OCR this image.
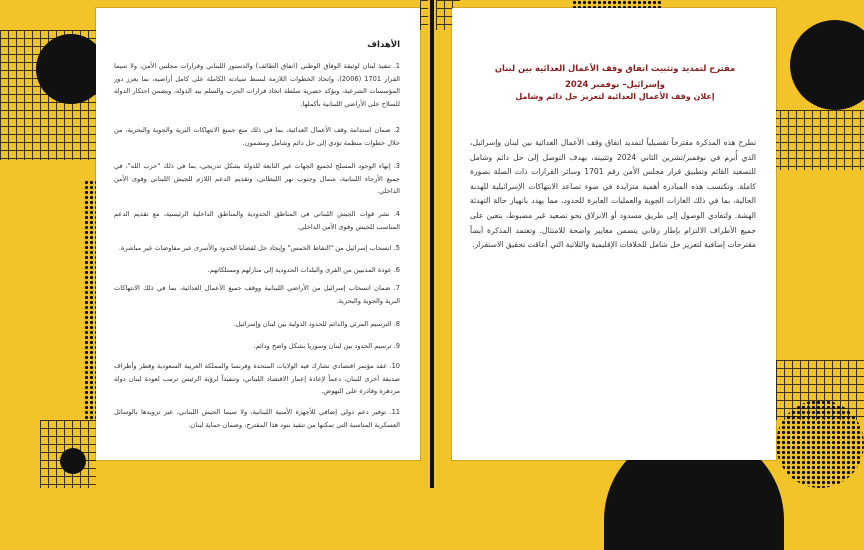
الأهداف
1. تنفيذ لبنان لوثيقة الوفاق الوطني (اتفاق الطائف) والدستور اللبناني وقرارات مجلس الأمن، ولا سيما القرار 1701 (2006)، واتخاذ الخطوات اللازمة لبسط سيادته الكاملة على كامل أراضيه، بما يعزز دور المؤسسات الشرعية، ويؤكد حصرية سلطة اتخاذ قرارات الحرب والسلم بيد الدولة، ويضمن احتكار الدولة للسلاح على الأراضي اللبنانية بأكملها.
2. ضمان استدامة وقف الأعمال العدائية، بما في ذلك منع جميع الانتهاكات البرية والجوية والبحرية، من خلال خطوات منظمة تؤدي إلى حل دائم وشامل ومضمون.
3. إنهاء الوجود المسلح لجميع الجهات غير التابعة للدولة بشكل تدريجي، بما في ذلك "حزب الله"، في جميع الأرجاء اللبنانية، شمال وجنوب نهر الليطاني، وتقديم الدعم اللازم للجيش اللبناني وقوى الأمن الداخلي.
4. نشر قوات الجيش اللبناني في المناطق الحدودية والمناطق الداخلية الرئيسية، مع تقديم الدعم المناسب للجيش وقوى الأمن الداخلي.
5. انسحاب إسرائيل من "النقاط الخمس" وإيجاد حل لقضايا الحدود والأسرى عبر مفاوضات غير مباشرة.
6. عودة المدنيين من القرى والبلدات الحدودية إلى منازلهم وممتلكاتهم.
7. ضمان انسحاب إسرائيل من الأراضي اللبنانية ووقف جميع الأعمال العدائية، بما في ذلك الانتهاكات البرية والجوية والبحرية.
8. الترسيم المرئي والدائم للحدود الدولية بين لبنان وإسرائيل.
9. ترسيم الحدود بين لبنان وسوريا بشكل واضح ودائم.
10. عقد مؤتمر اقتصادي تشارك فيه الولايات المتحدة وفرنسا والمملكة العربية السعودية وقطر وأطراف صديقة أخرى للبنان، دعماً لإعادة إعمار الاقتصاد اللبناني، وتنفيذاً لرؤية الرئيس ترمب لعودة لبنان دولة مزدهرة وقادرة على النهوض.
11. توفير دعم دولي إضافي للأجهزة الأمنية اللبنانية، ولا سيما الجيش اللبناني، عبر تزويدها بالوسائل العسكرية المناسبة التي تمكنها من تنفيذ بنود هذا المقترح، وضمان حماية لبنان.
مقترح لتمديد وتثبيت اتفاق وقف الأعمال العدائية بين لبنان وإسرائيل– نوفمبر 2024
إعلان وقف الأعمال العدائية لتعزيز حل دائم وشامل
تطرح هذه المذكرة مقترحاً تفصيلياً لتمديد اتفاق وقف الأعمال العدائية بين لبنان وإسرائيل، الذي أُبرم في نوفمبر/تشرين الثاني 2024 وتثبيته، بهدف التوصل إلى حل دائم وشامل للتصعيد القائم وتطبيق قرار مجلس الأمن رقم 1701 وسائر القرارات ذات الصلة بصورة كاملة. وتكتسب هذه المبادرة أهمية متزايدة في ضوء تصاعد الانتهاكات الإسرائيلية للهدنة الحالية، بما في ذلك الغارات الجوية والعمليات العابرة للحدود، مما يهدد بانهيار حالة التهدئة الهشة. ولتفادي الوصول إلى طريق مسدود أو الانزلاق نحو تصعيد غير مضبوط، يتعين على جميع الأطراف الالتزام بإطار رقابي يتضمن معايير واضحة للامتثال. وتعتمد المذكرة أيضاً مقترحات إضافية لتعزيز حل شامل للخلافات الإقليمية والثلاثية التي أعاقت تحقيق الاستقرار.
